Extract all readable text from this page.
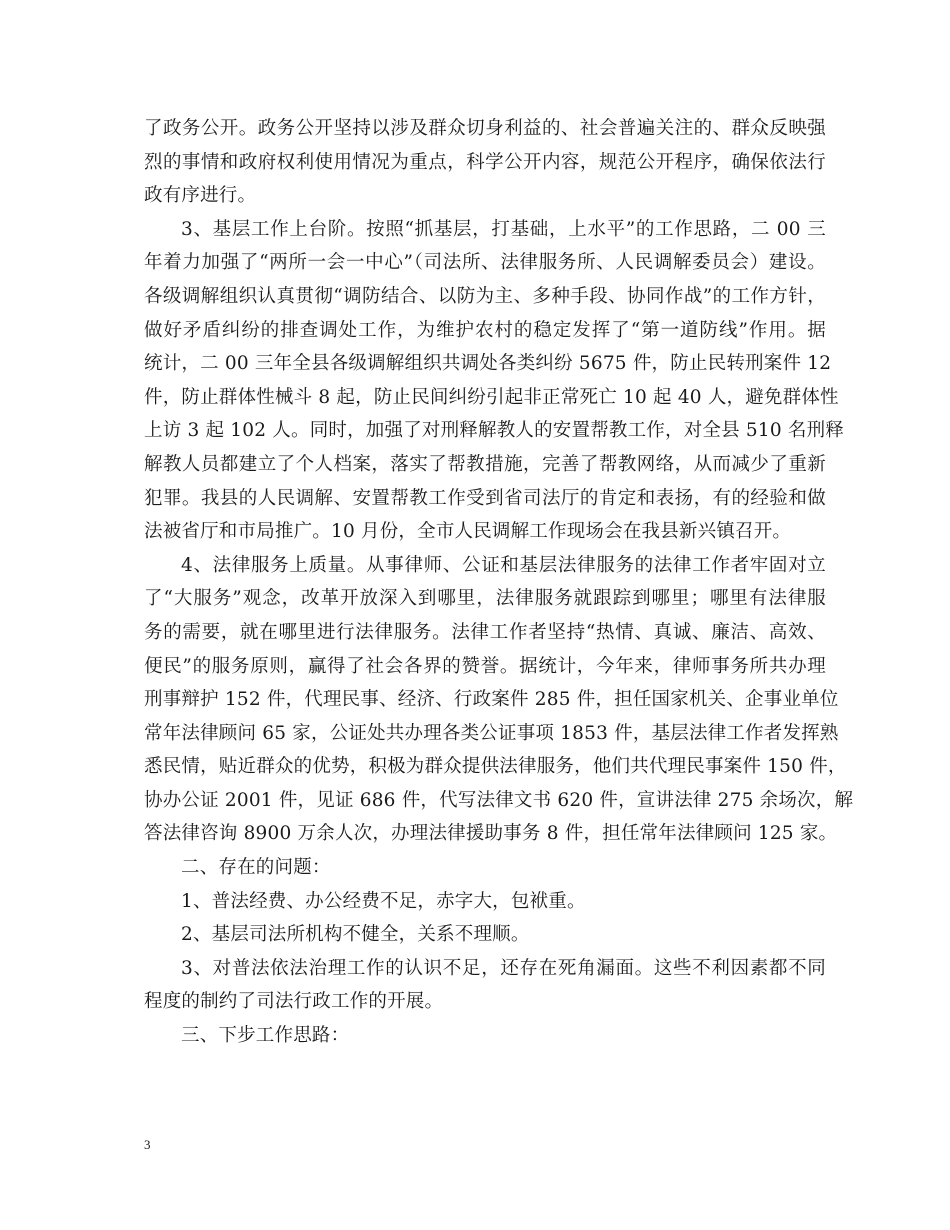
了政务公开。政务公开坚持以涉及群众切身利益的、社会普遍关注的、群众反映强
烈的事情和政府权利使用情况为重点，科学公开内容，规范公开程序，确保依法行
政有序进行。
3、基层工作上台阶。按照“抓基层，打基础，上水平”的工作思路，二 00 三
年着力加强了“两所一会一中心”（司法所、法律服务所、人民调解委员会）建设。
各级调解组织认真贯彻“调防结合、以防为主、多种手段、协同作战”的工作方针，
做好矛盾纠纷的排查调处工作，为维护农村的稳定发挥了“第一道防线”作用。据
统计，二 00 三年全县各级调解组织共调处各类纠纷 5675 件，防止民转刑案件 12
件，防止群体性械斗 8 起，防止民间纠纷引起非正常死亡 10 起 40 人，避免群体性
上访 3 起 102 人。同时，加强了对刑释解教人的安置帮教工作，对全县 510 名刑释
解教人员都建立了个人档案，落实了帮教措施，完善了帮教网络，从而减少了重新
犯罪。我县的人民调解、安置帮教工作受到省司法厅的肯定和表扬，有的经验和做
法被省厅和市局推广。10 月份，全市人民调解工作现场会在我县新兴镇召开。
4、法律服务上质量。从事律师、公证和基层法律服务的法律工作者牢固对立
了“大服务”观念，改革开放深入到哪里，法律服务就跟踪到哪里；哪里有法律服
务的需要，就在哪里进行法律服务。法律工作者坚持“热情、真诚、廉洁、高效、
便民”的服务原则，赢得了社会各界的赞誉。据统计，今年来，律师事务所共办理
刑事辩护 152 件，代理民事、经济、行政案件 285 件，担任国家机关、企事业单位
常年法律顾问 65 家，公证处共办理各类公证事项 1853 件，基层法律工作者发挥熟
悉民情，贴近群众的优势，积极为群众提供法律服务，他们共代理民事案件 150 件，
协办公证 2001 件，见证 686 件，代写法律文书 620 件，宣讲法律 275 余场次，解
答法律咨询 8900 万余人次，办理法律援助事务 8 件，担任常年法律顾问 125 家。
二、存在的问题：
1、普法经费、办公经费不足，赤字大，包袱重。
2、基层司法所机构不健全，关系不理顺。
3、对普法依法治理工作的认识不足，还存在死角漏面。这些不利因素都不同
程度的制约了司法行政工作的开展。
三、下步工作思路：
3
